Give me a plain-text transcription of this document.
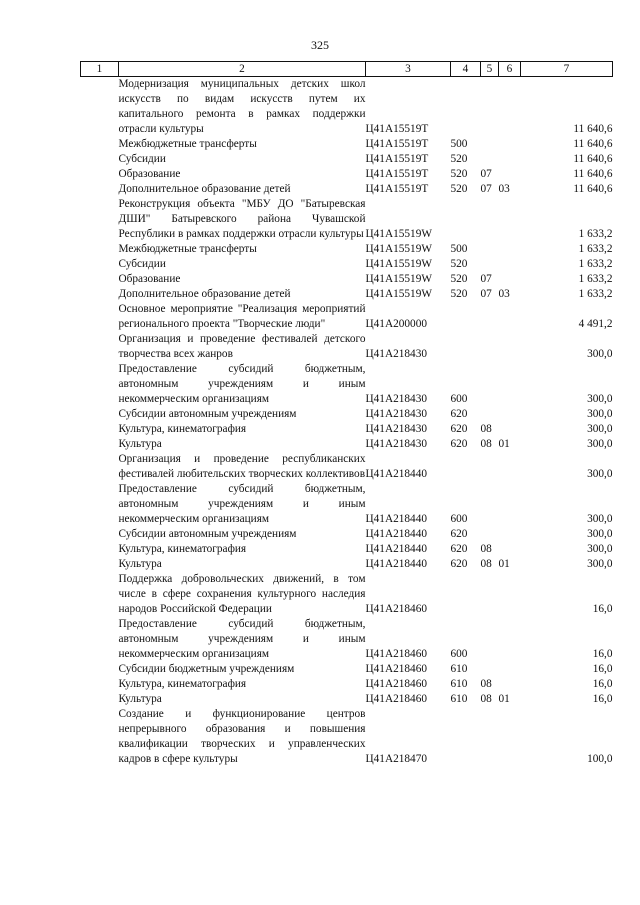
325
1	2	3	4	5	6	7
	Модернизация муниципальных детских школ искусств по видам искусств путем их капитального ремонта в рамках поддержки отрасли культуры	Ц41A15519T				11 640,6
	Межбюджетные трансферты	Ц41A15519T	500			11 640,6
	Субсидии	Ц41A15519T	520			11 640,6
	Образование	Ц41A15519T	520	07		11 640,6
	Дополнительное образование детей	Ц41A15519T	520	07	03	11 640,6
	Реконструкция объекта "МБУ ДО "Батыревская ДШИ" Батыревского района Чувашской Республики в рамках поддержки отрасли культуры	Ц41A15519W				1 633,2
	Межбюджетные трансферты	Ц41A15519W	500			1 633,2
	Субсидии	Ц41A15519W	520			1 633,2
	Образование	Ц41A15519W	520	07		1 633,2
	Дополнительное образование детей	Ц41A15519W	520	07	03	1 633,2
	Основное мероприятие "Реализация мероприятий регионального проекта "Творческие люди"	Ц41A200000				4 491,2
	Организация и проведение фестивалей детского творчества всех жанров	Ц41A218430				300,0
	Предоставление субсидий бюджетным, автономным учреждениям и иным некоммерческим организациям	Ц41A218430	600			300,0
	Субсидии автономным учреждениям	Ц41A218430	620			300,0
	Культура, кинематография	Ц41A218430	620	08		300,0
	Культура	Ц41A218430	620	08	01	300,0
	Организация и проведение республиканских фестивалей любительских творческих коллективов	Ц41A218440				300,0
	Предоставление субсидий бюджетным, автономным учреждениям и иным некоммерческим организациям	Ц41A218440	600			300,0
	Субсидии автономным учреждениям	Ц41A218440	620			300,0
	Культура, кинематография	Ц41A218440	620	08		300,0
	Культура	Ц41A218440	620	08	01	300,0
	Поддержка добровольческих движений, в том числе в сфере сохранения культурного наследия народов Российской Федерации	Ц41A218460				16,0
	Предоставление субсидий бюджетным, автономным учреждениям и иным некоммерческим организациям	Ц41A218460	600			16,0
	Субсидии бюджетным учреждениям	Ц41A218460	610			16,0
	Культура, кинематография	Ц41A218460	610	08		16,0
	Культура	Ц41A218460	610	08	01	16,0
	Создание и функционирование центров непрерывного образования и повышения квалификации творческих и управленческих кадров в сфере культуры	Ц41A218470				100,0
